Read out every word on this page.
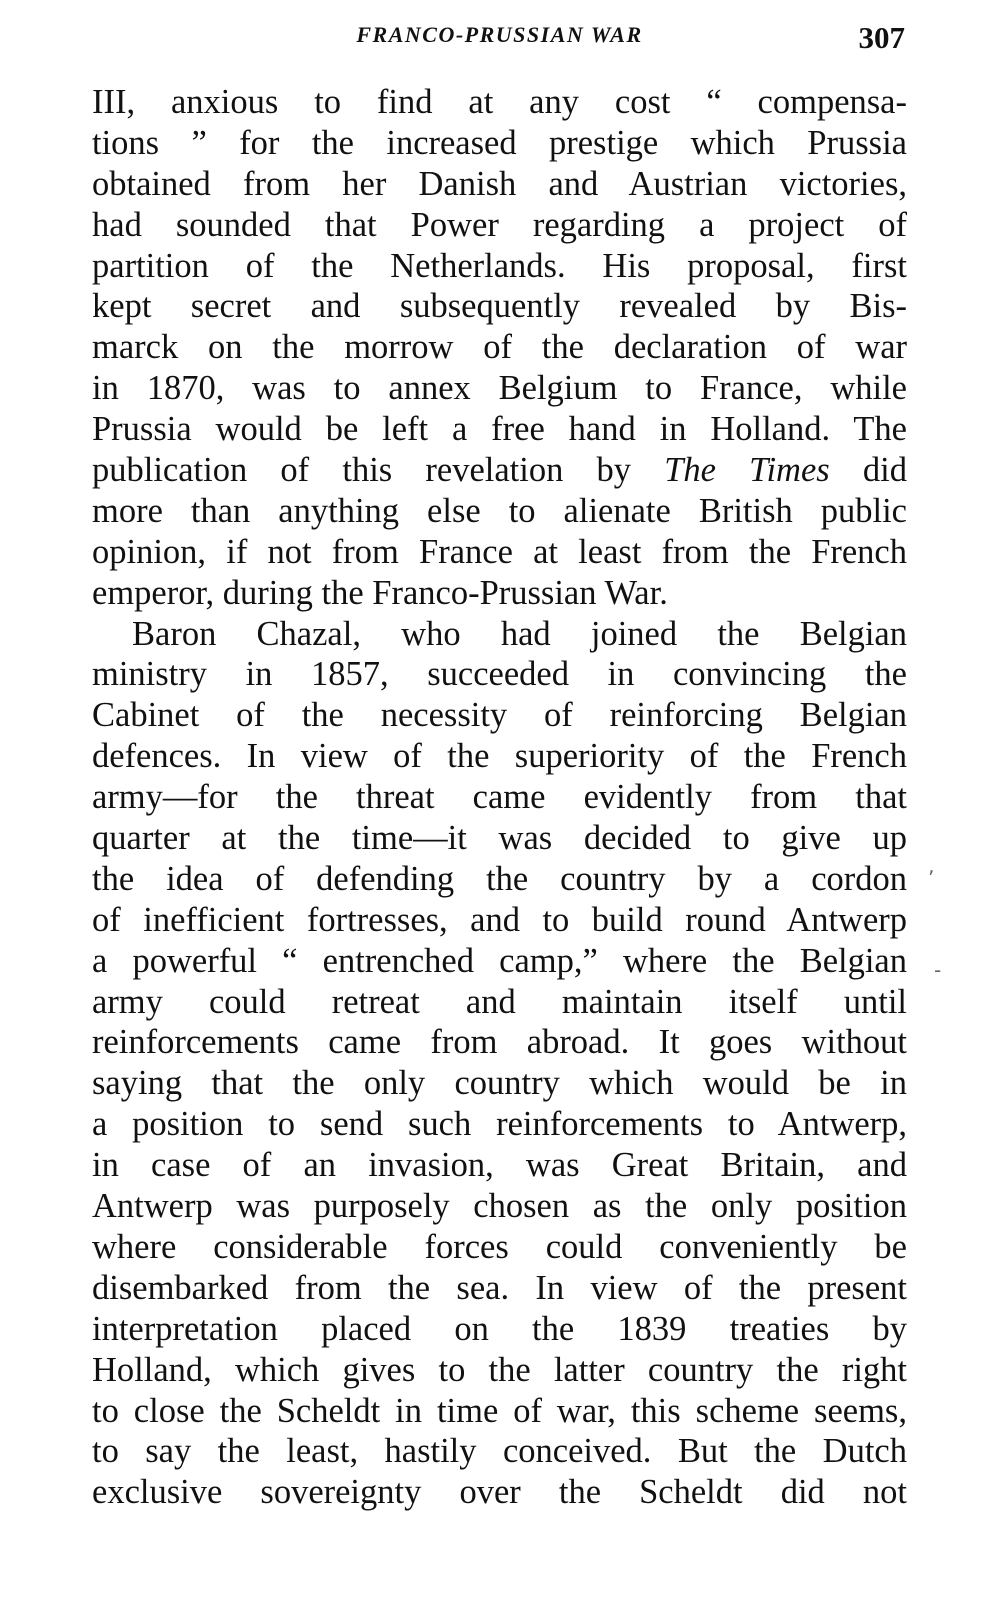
FRANCO-PRUSSIAN WAR	307
III, anxious to find at any cost “ compensa-
tions ” for the increased prestige which Prussia
obtained from her Danish and Austrian victories,
had sounded that Power regarding a project of
partition of the Netherlands. His proposal, first
kept secret and subsequently revealed by Bis-
marck on the morrow of the declaration of war
in 1870, was to annex Belgium to France, while
Prussia would be left a free hand in Holland. The
publication of this revelation by The Times did
more than anything else to alienate British public
opinion, if not from France at least from the French
emperor, during the Franco-Prussian War.
Baron Chazal, who had joined the Belgian
ministry in 1857, succeeded in convincing the
Cabinet of the necessity of reinforcing Belgian
defences. In view of the superiority of the French
army—for the threat came evidently from that
quarter at the time—it was decided to give up
the idea of defending the country by a cordon
of inefficient fortresses, and to build round Antwerp
a powerful “ entrenched camp,” where the Belgian
army could retreat and maintain itself until
reinforcements came from abroad. It goes without
saying that the only country which would be in
a position to send such reinforcements to Antwerp,
in case of an invasion, was Great Britain, and
Antwerp was purposely chosen as the only position
where considerable forces could conveniently be
disembarked from the sea. In view of the present
interpretation placed on the 1839 treaties by
Holland, which gives to the latter country the right
to close the Scheldt in time of war, this scheme seems,
to say the least, hastily conceived. But the Dutch
exclusive sovereignty over the Scheldt did not
ʼ
-
